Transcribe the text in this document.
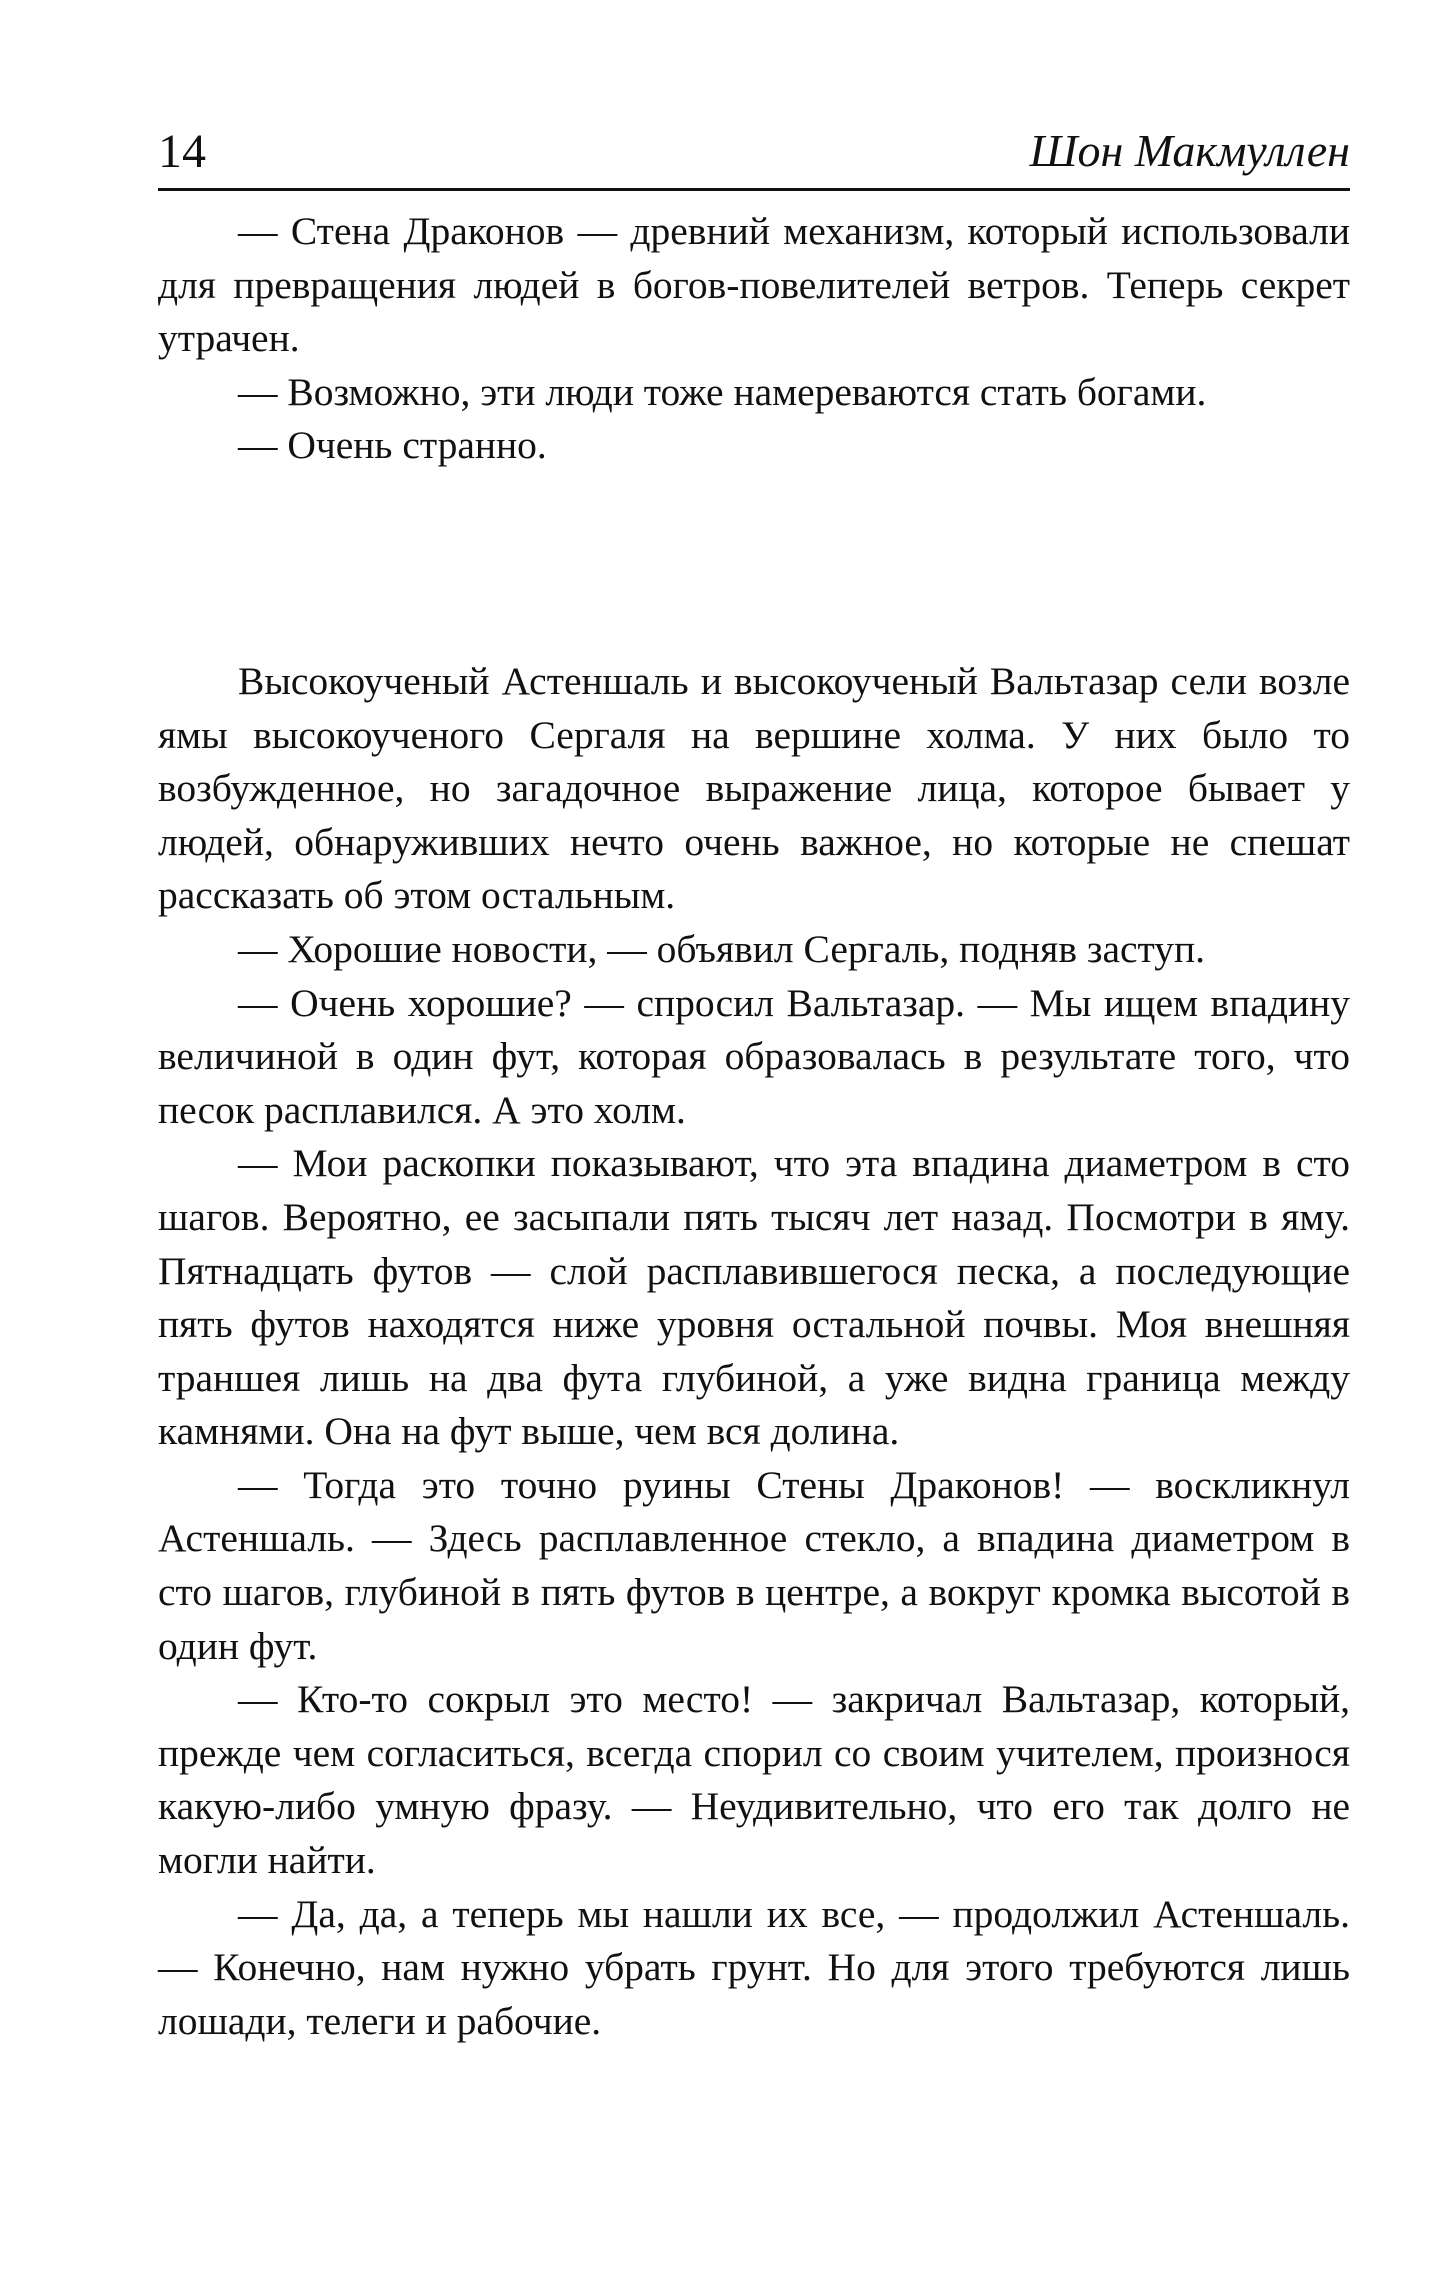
14	Шон Макмуллен

— Стена Драконов — древний механизм, который использовали для превращения людей в богов-повелителей ветров. Теперь секрет утрачен.

— Возможно, эти люди тоже намереваются стать богами.

— Очень странно.

Высокоученый Астеншаль и высокоученый Вальтазар сели возле ямы высокоученого Сергаля на вершине холма. У них было то возбужденное, но загадочное выражение лица, которое бывает у людей, обнаруживших нечто очень важное, но которые не спешат рассказать об этом остальным.

— Хорошие новости, — объявил Сергаль, подняв заступ.

— Очень хорошие? — спросил Вальтазар. — Мы ищем впадину величиной в один фут, которая образовалась в результате того, что песок расплавился. А это холм.

— Мои раскопки показывают, что эта впадина диаметром в сто шагов. Вероятно, ее засыпали пять тысяч лет назад. Посмотри в яму. Пятнадцать футов — слой расплавившегося песка, а последующие пять футов находятся ниже уровня остальной почвы. Моя внешняя траншея лишь на два фута глубиной, а уже видна граница между камнями. Она на фут выше, чем вся долина.

— Тогда это точно руины Стены Драконов! — воскликнул Астеншаль. — Здесь расплавленное стекло, а впадина диаметром в сто шагов, глубиной в пять футов в центре, а вокруг кромка высотой в один фут.

— Кто-то сокрыл это место! — закричал Вальтазар, который, прежде чем согласиться, всегда спорил со своим учителем, произнося какую-либо умную фразу. — Неудивительно, что его так долго не могли найти.

— Да, да, а теперь мы нашли их все, — продолжил Астеншаль. — Конечно, нам нужно убрать грунт. Но для этого требуются лишь лошади, телеги и рабочие.
